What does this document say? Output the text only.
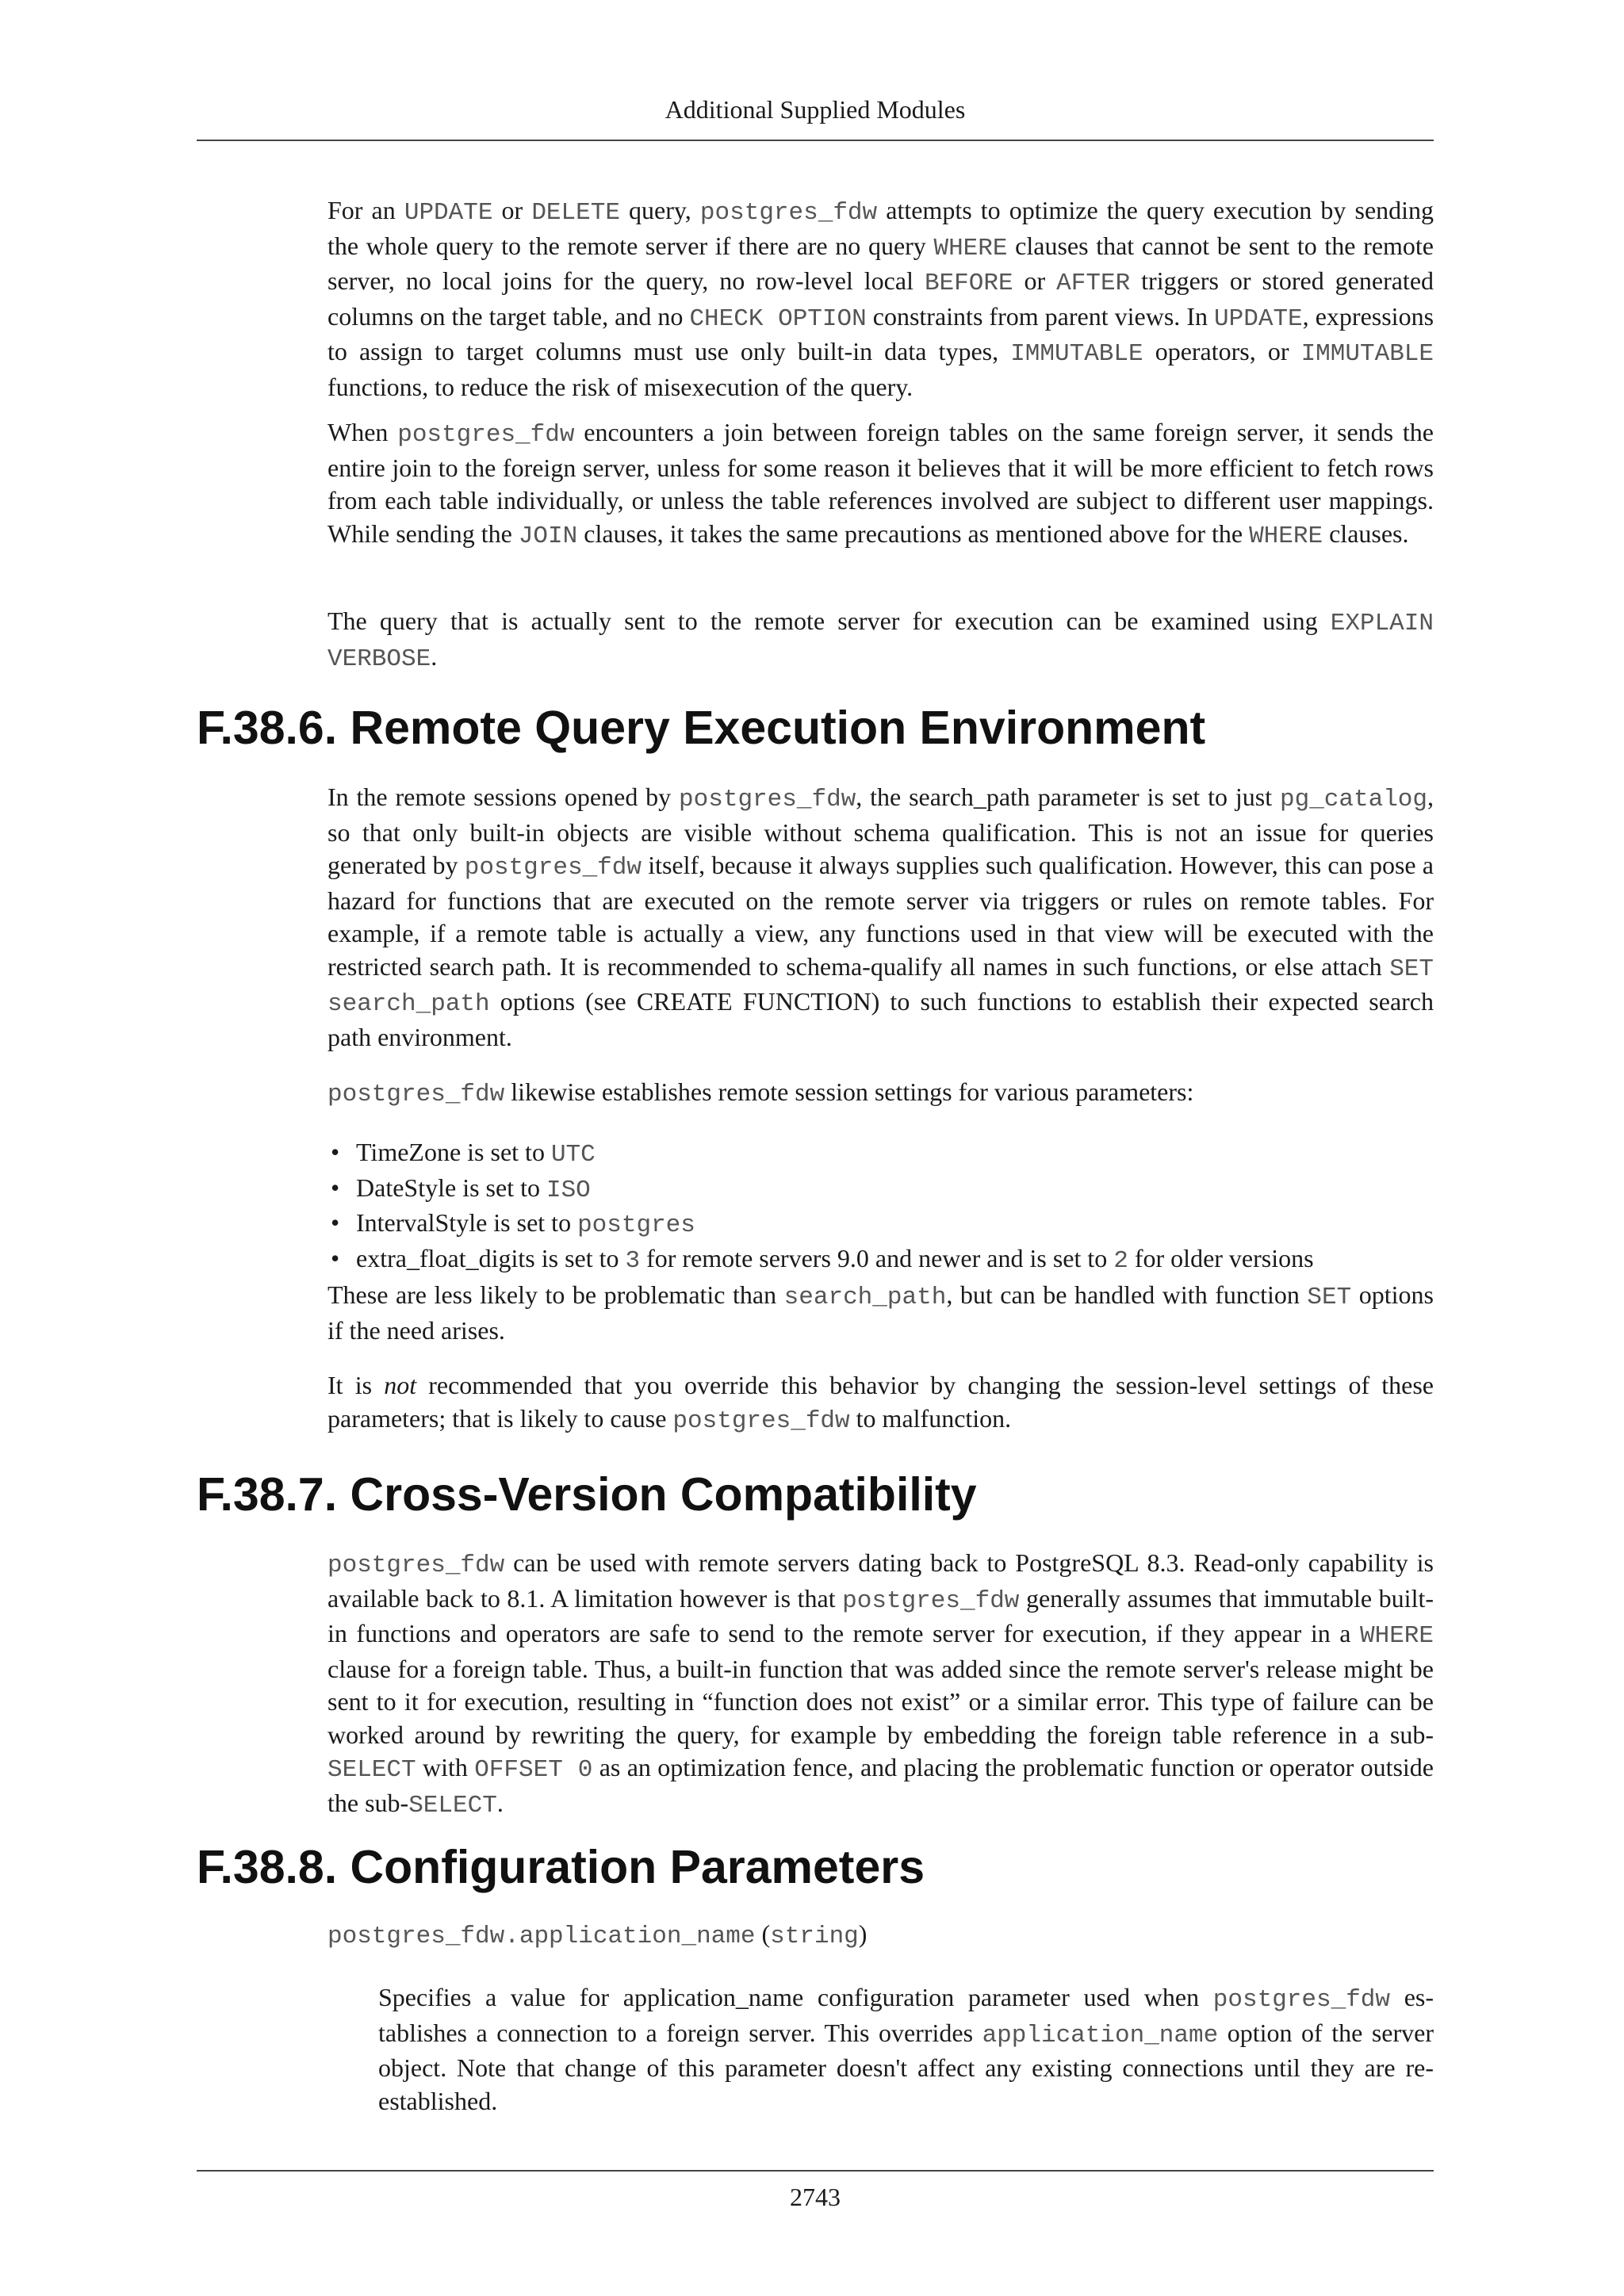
Additional Supplied Modules

For an UPDATE or DELETE query, postgres_fdw attempts to optimize the query execution by sending the whole query to the remote server if there are no query WHERE clauses that cannot be sent to the remote server, no local joins for the query, no row-level local BEFORE or AFTER triggers or stored generated columns on the target table, and no CHECK OPTION constraints from parent views. In UPDATE, expressions to assign to target columns must use only built-in data types, IMMUTABLE operators, or IMMUTABLE functions, to reduce the risk of misexecution of the query.

When postgres_fdw encounters a join between foreign tables on the same foreign server, it sends the entire join to the foreign server, unless for some reason it believes that it will be more efficient to fetch rows from each table individually, or unless the table references involved are subject to different user mappings. While sending the JOIN clauses, it takes the same precautions as mentioned above for the WHERE clauses.

The query that is actually sent to the remote server for execution can be examined using EXPLAIN VERBOSE.

F.38.6. Remote Query Execution Environment

In the remote sessions opened by postgres_fdw, the search_path parameter is set to just pg_catalog, so that only built-in objects are visible without schema qualification. This is not an issue for queries generated by postgres_fdw itself, because it always supplies such qualification. However, this can pose a hazard for functions that are executed on the remote server via triggers or rules on remote tables. For example, if a remote table is actually a view, any functions used in that view will be executed with the restricted search path. It is recommended to schema-qualify all names in such functions, or else attach SET search_path options (see CREATE FUNCTION) to such functions to establish their expected search path environment.

postgres_fdw likewise establishes remote session settings for various parameters:

• TimeZone is set to UTC
• DateStyle is set to ISO
• IntervalStyle is set to postgres
• extra_float_digits is set to 3 for remote servers 9.0 and newer and is set to 2 for older versions

These are less likely to be problematic than search_path, but can be handled with function SET options if the need arises.

It is not recommended that you override this behavior by changing the session-level settings of these parameters; that is likely to cause postgres_fdw to malfunction.

F.38.7. Cross-Version Compatibility

postgres_fdw can be used with remote servers dating back to PostgreSQL 8.3. Read-only capability is available back to 8.1. A limitation however is that postgres_fdw generally assumes that immutable built-in functions and operators are safe to send to the remote server for execution, if they appear in a WHERE clause for a foreign table. Thus, a built-in function that was added since the remote server's release might be sent to it for execution, resulting in “function does not exist” or a similar error. This type of failure can be worked around by rewriting the query, for example by embedding the foreign table reference in a sub-SELECT with OFFSET 0 as an optimization fence, and placing the problematic function or operator outside the sub-SELECT.

F.38.8. Configuration Parameters

postgres_fdw.application_name (string)

Specifies a value for application_name configuration parameter used when postgres_fdw establishes a connection to a foreign server. This overrides application_name option of the server object. Note that change of this parameter doesn't affect any existing connections until they are re-established.

2743
